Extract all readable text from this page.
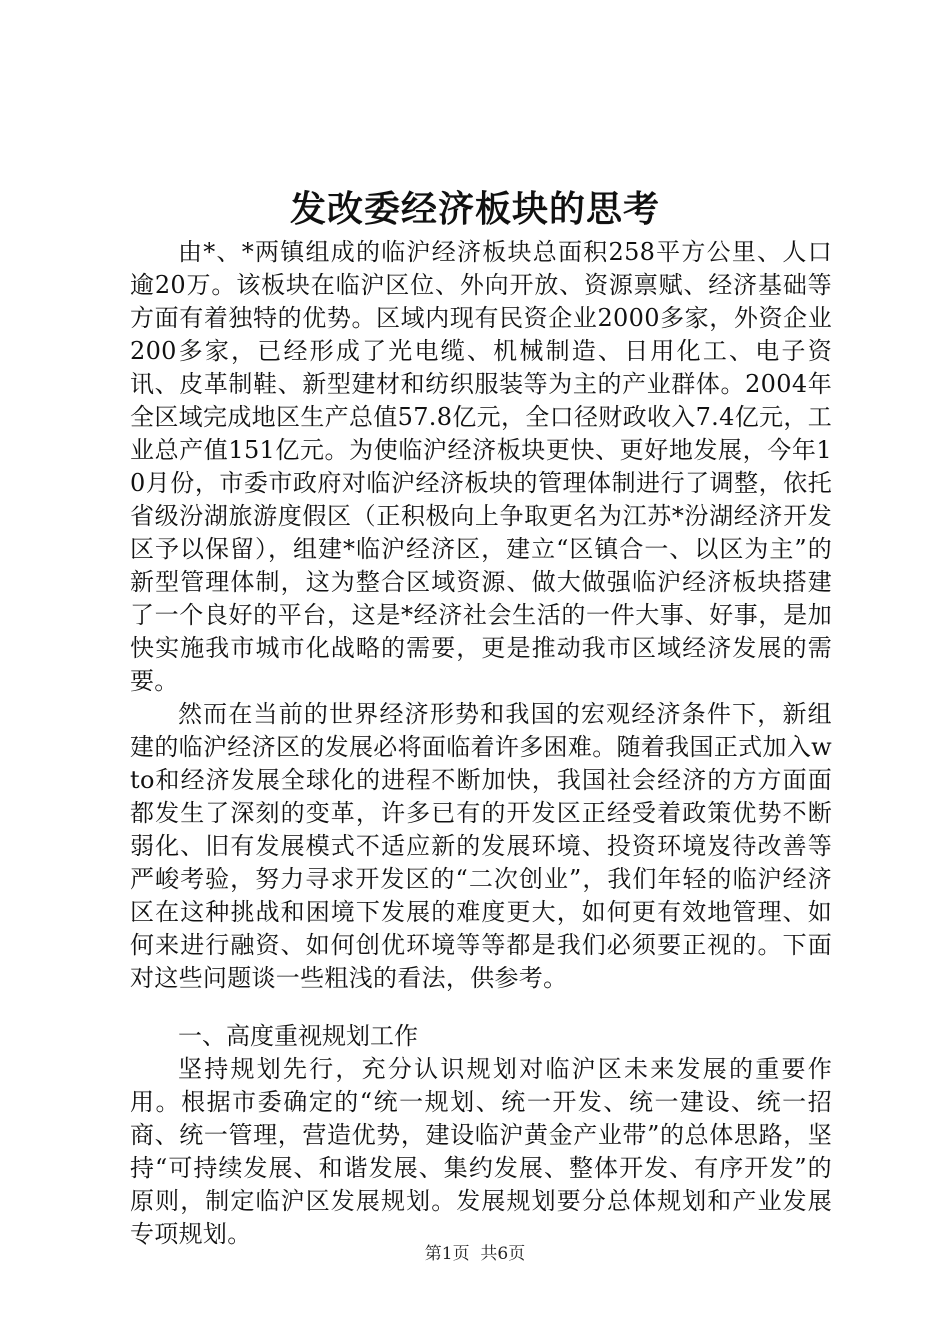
发改委经济板块的思考

由*、*两镇组成的临沪经济板块总面积258平方公里、人口逾20万。该板块在临沪区位、外向开放、资源禀赋、经济基础等方面有着独特的优势。区域内现有民资企业2000多家，外资企业200多家，已经形成了光电缆、机械制造、日用化工、电子资讯、皮革制鞋、新型建材和纺织服装等为主的产业群体。2004年全区域完成地区生产总值57.8亿元，全口径财政收入7.4亿元，工业总产值151亿元。为使临沪经济板块更快、更好地发展，今年10月份，市委市政府对临沪经济板块的管理体制进行了调整，依托省级汾湖旅游度假区（正积极向上争取更名为江苏*汾湖经济开发区予以保留），组建*临沪经济区，建立“区镇合一、以区为主”的新型管理体制，这为整合区域资源、做大做强临沪经济板块搭建了一个良好的平台，这是*经济社会生活的一件大事、好事，是加快实施我市城市化战略的需要，更是推动我市区域经济发展的需要。

然而在当前的世界经济形势和我国的宏观经济条件下，新组建的临沪经济区的发展必将面临着许多困难。随着我国正式加入wto和经济发展全球化的进程不断加快，我国社会经济的方方面面都发生了深刻的变革，许多已有的开发区正经受着政策优势不断弱化、旧有发展模式不适应新的发展环境、投资环境岌待改善等严峻考验，努力寻求开发区的“二次创业”，我们年轻的临沪经济区在这种挑战和困境下发展的难度更大，如何更有效地管理、如何来进行融资、如何创优环境等等都是我们必须要正视的。下面对这些问题谈一些粗浅的看法，供参考。

一、高度重视规划工作

坚持规划先行，充分认识规划对临沪区未来发展的重要作用。根据市委确定的“统一规划、统一开发、统一建设、统一招商、统一管理，营造优势，建设临沪黄金产业带”的总体思路，坚持“可持续发展、和谐发展、集约发展、整体开发、有序开发”的原则，制定临沪区发展规划。发展规划要分总体规划和产业发展专项规划。

第1页  共6页
